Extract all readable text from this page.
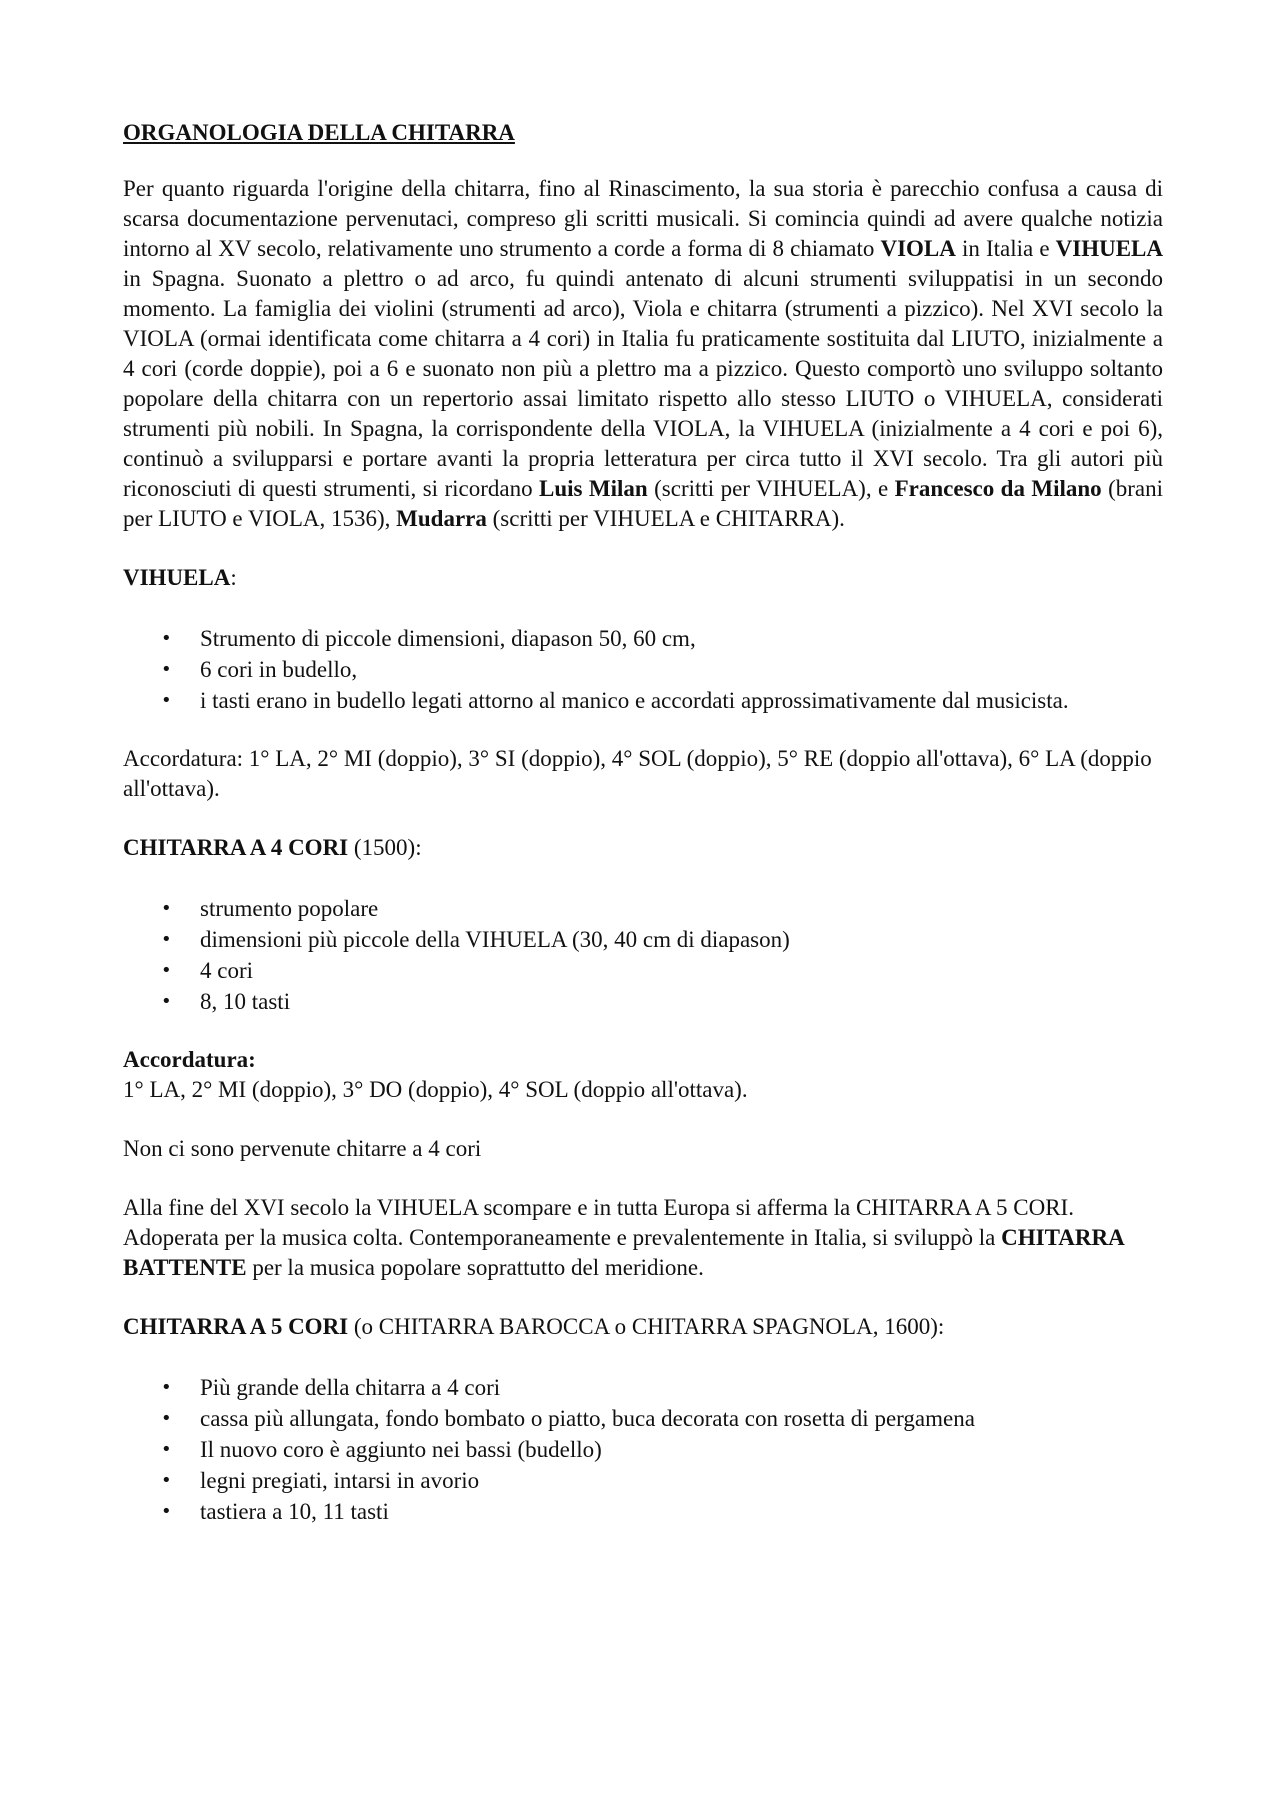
ORGANOLOGIA DELLA CHITARRA

Per quanto riguarda l'origine della chitarra, fino al Rinascimento, la sua storia è parecchio confusa a causa di scarsa documentazione pervenutaci, compreso gli scritti musicali. Si comincia quindi ad avere qualche notizia intorno al XV secolo, relativamente uno strumento a corde a forma di 8 chiamato VIOLA in Italia e VIHUELA in Spagna. Suonato a plettro o ad arco, fu quindi antenato di alcuni strumenti sviluppatisi in un secondo momento. La famiglia dei violini (strumenti ad arco), Viola e chitarra (strumenti a pizzico). Nel XVI secolo la VIOLA (ormai identificata come chitarra a 4 cori) in Italia fu praticamente sostituita dal LIUTO, inizialmente a 4 cori (corde doppie), poi a 6 e suonato non più a plettro ma a pizzico. Questo comportò uno sviluppo soltanto popolare della chitarra con un repertorio assai limitato rispetto allo stesso LIUTO o VIHUELA, considerati strumenti più nobili. In Spagna, la corrispondente della VIOLA, la VIHUELA (inizialmente a 4 cori e poi 6), continuò a svilupparsi e portare avanti la propria letteratura per circa tutto il XVI secolo. Tra gli autori più riconosciuti di questi strumenti, si ricordano Luis Milan (scritti per VIHUELA), e Francesco da Milano (brani per LIUTO e VIOLA, 1536), Mudarra (scritti per VIHUELA e CHITARRA).

VIHUELA:
• Strumento di piccole dimensioni, diapason 50, 60 cm,
• 6 cori in budello,
• i tasti erano in budello legati attorno al manico e accordati approssimativamente dal musicista.

Accordatura: 1° LA, 2° MI (doppio), 3° SI (doppio), 4° SOL (doppio), 5° RE (doppio all'ottava), 6° LA (doppio all'ottava).

CHITARRA A 4 CORI (1500):
• strumento popolare
• dimensioni più piccole della VIHUELA (30, 40 cm di diapason)
• 4 cori
• 8, 10 tasti

Accordatura:
1° LA, 2° MI (doppio), 3° DO (doppio), 4° SOL (doppio all'ottava).

Non ci sono pervenute chitarre a 4 cori

Alla fine del XVI secolo la VIHUELA scompare e in tutta Europa si afferma la CHITARRA A 5 CORI. Adoperata per la musica colta. Contemporaneamente e prevalentemente in Italia, si sviluppò la CHITARRA BATTENTE per la musica popolare soprattutto del meridione.

CHITARRA A 5 CORI (o CHITARRA BAROCCA o CHITARRA SPAGNOLA, 1600):
• Più grande della chitarra a 4 cori
• cassa più allungata, fondo bombato o piatto, buca decorata con rosetta di pergamena
• Il nuovo coro è aggiunto nei bassi (budello)
• legni pregiati, intarsi in avorio
• tastiera a 10, 11 tasti
